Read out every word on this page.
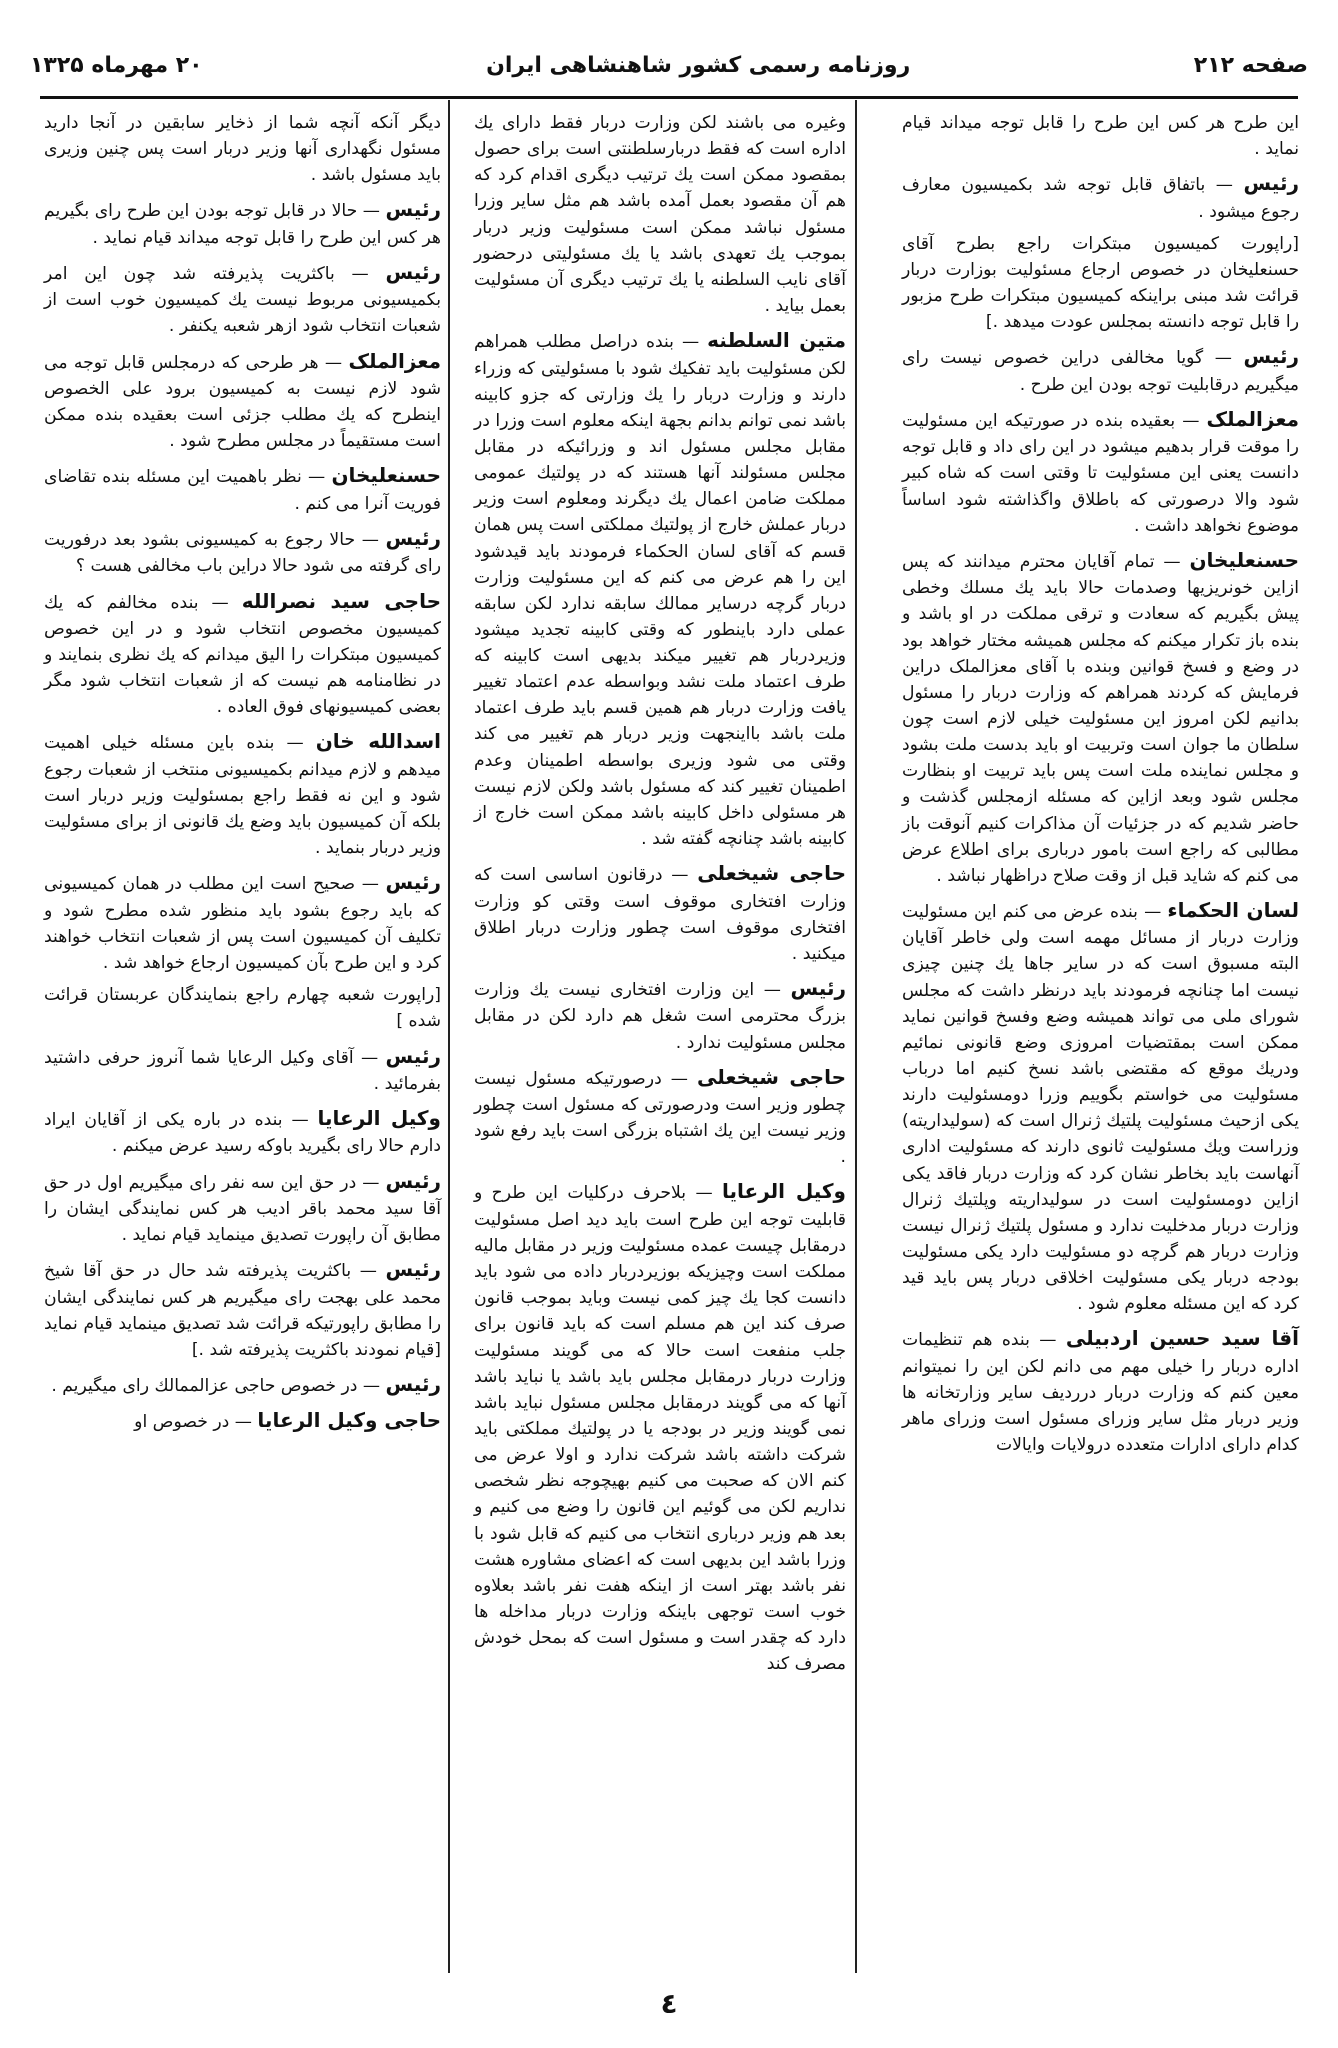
صفحه ۲۱۲
روزنامه رسمی کشور شاهنشاهی ایران
۲۰ مهرماه ۱۳۲۵

این طرح هر کس این طرح را قابل توجه میداند قیام نماید .

رئیس — باتفاق قابل توجه شد بکمیسیون معارف رجوع میشود .

[راپورت کمیسیون مبتکرات راجع بطرح آقای حسنعلیخان در خصوص ارجاع مسئولیت بوزارت دربار قرائت شد مبنی براینکه کمیسیون مبتکرات طرح مزبور را قابل توجه دانسته بمجلس عودت میدهد .]

رئیس — گویا مخالفی دراین خصوص نیست رای میگیریم درقابلیت توجه بودن این طرح .

معزالملک — بعقیده بنده در صورتیکه این مسئولیت را موقت قرار بدهیم میشود در این رای داد و قابل توجه دانست یعنی این مسئولیت تا وقتی است که شاه کبیر شود والا درصورتی که باطلاق واگذاشته شود اساساً موضوع نخواهد داشت .

حسنعلیخان — تمام آقایان محترم میدانند که پس ازاین خونریزیها وصدمات حالا باید یك مسلك وخطی پیش بگیریم که سعادت و ترقی مملکت در او باشد و بنده باز تکرار میکنم که مجلس همیشه مختار خواهد بود در وضع و فسخ قوانین وبنده با آقای معزالملک دراین فرمایش که کردند همراهم که وزارت دربار را مسئول بدانیم لکن امروز این مسئولیت خیلی لازم است چون سلطان ما جوان است وتربیت او باید بدست ملت بشود و مجلس نماینده ملت است پس باید تربیت او بنظارت مجلس شود وبعد ازاین که مسئله ازمجلس گذشت و حاضر شدیم که در جزئیات آن مذاکرات کنیم آنوقت باز مطالبی که راجع است بامور درباری برای اطلاع عرض می کنم که شاید قبل از وقت صلاح دراظهار نباشد .

لسان الحکماء — بنده عرض می کنم این مسئولیت وزارت دربار از مسائل مهمه است ولی خاطر آقایان البته مسبوق است که در سایر جاها یك چنین چیزی نیست اما چنانچه فرمودند باید درنظر داشت که مجلس شورای ملی می تواند همیشه وضع وفسخ قوانین نماید ممکن است بمقتضیات امروزی وضع قانونی نمائیم ودریك موقع که مقتضی باشد نسخ کنیم اما درباب مسئولیت می خواستم بگوییم وزرا دومسئولیت دارند یکی ازحیث مسئولیت پلتیك ژنرال است که (سولیداریته) وزراست ویك مسئولیت ثانوی دارند که مسئولیت اداری آنهاست باید بخاطر نشان کرد که وزارت دربار فاقد یکی ازاین دومسئولیت است در سولیداریته وپلتیك ژنرال وزارت دربار مدخلیت ندارد و مسئول پلتیك ژنرال نیست وزارت دربار هم گرچه دو مسئولیت دارد یکی مسئولیت بودجه دربار یکی مسئولیت اخلاقی دربار پس باید قید کرد که این مسئله معلوم شود .

آقا سید حسین اردبیلی — بنده هم تنظیمات اداره دربار را خیلی مهم می دانم لکن این را نمیتوانم معین کنم که وزارت دربار درردیف سایر وزارتخانه ها وزیر دربار مثل سایر وزرای مسئول است وزرای ماهر کدام دارای ادارات متعدده درولایات وایالات

وغیره می باشند لکن وزارت دربار فقط دارای یك اداره است که فقط دربارسلطنتی است برای حصول بمقصود ممکن است یك ترتیب دیگری اقدام کرد که هم آن مقصود بعمل آمده باشد هم مثل سایر وزرا مسئول نباشد ممکن است مسئولیت وزیر دربار بموجب یك تعهدی باشد یا یك مسئولیتی درحضور آقای نایب السلطنه یا یك ترتیب دیگری آن مسئولیت بعمل بیاید .

متین السلطنه — بنده دراصل مطلب همراهم لکن مسئولیت باید تفکیك شود با مسئولیتی که وزراء دارند و وزارت دربار را یك وزارتی که جزو کابینه باشد نمی توانم بدانم بجهة اینکه معلوم است وزرا در مقابل مجلس مسئول اند و وزرائیکه در مقابل مجلس مسئولند آنها هستند که در پولتیك عمومی مملکت ضامن اعمال یك دیگرند ومعلوم است وزیر دربار عملش خارج از پولتیك مملکتی است پس همان قسم که آقای لسان الحکماء فرمودند باید قیدشود این را هم عرض می کنم که این مسئولیت وزارت دربار گرچه درسایر ممالك سابقه ندارد لکن سابقه عملی دارد باینطور که وقتی کابینه تجدید میشود وزیردربار هم تغییر میکند بدیهی است کابینه که طرف اعتماد ملت نشد وبواسطه عدم اعتماد تغییر یافت وزارت دربار هم همین قسم باید طرف اعتماد ملت باشد بااینجهت وزیر دربار هم تغییر می کند وقتی می شود وزیری بواسطه اطمینان وعدم اطمینان تغییر کند که مسئول باشد ولکن لازم نیست هر مسئولی داخل کابینه باشد ممکن است خارج از کابینه باشد چنانچه گفته شد .

حاجی شیخعلی — درقانون اساسی است که وزارت افتخاری موقوف است وقتی کو وزارت افتخاری موقوف است چطور وزارت دربار اطلاق میکنید .

رئیس — این وزارت افتخاری نیست یك وزارت بزرگ محترمی است شغل هم دارد لکن در مقابل مجلس مسئولیت ندارد .

حاجی شیخعلی — درصورتیکه مسئول نیست چطور وزیر است ودرصورتی که مسئول است چطور وزیر نیست این یك اشتباه بزرگی است باید رفع شود .

وکیل الرعایا — بلاحرف درکلیات این طرح و قابلیت توجه این طرح است باید دید اصل مسئولیت درمقابل چیست عمده مسئولیت وزیر در مقابل مالیه مملکت است وچیزیکه بوزیردربار داده می شود باید دانست کجا یك چیز کمی نیست وباید بموجب قانون صرف کند این هم مسلم است که باید قانون برای جلب منفعت است حالا که می گویند مسئولیت وزارت دربار درمقابل مجلس باید باشد یا نباید باشد آنها که می گویند درمقابل مجلس مسئول نباید باشد نمی گویند وزیر در بودجه یا در پولتیك مملکتی باید شرکت داشته باشد شرکت ندارد و اولا عرض می کنم الان که صحبت می کنیم بهیچوجه نظر شخصی نداریم لکن می گوئیم این قانون را وضع می کنیم و بعد هم وزیر درباری انتخاب می کنیم که قابل شود با وزرا باشد این بدیهی است که اعضای مشاوره هشت نفر باشد بهتر است از اینکه هفت نفر باشد بعلاوه خوب است توجهی باینکه وزارت دربار مداخله ها دارد که چقدر است و مسئول است که بمحل خودش مصرف کند

دیگر آنکه آنچه شما از ذخایر سابقین در آنجا دارید مسئول نگهداری آنها وزیر دربار است پس چنین وزیری باید مسئول باشد .

رئیس — حالا در قابل توجه بودن این طرح رای بگیریم هر کس این طرح را قابل توجه میداند قیام نماید .

رئیس — باکثریت پذیرفته شد چون این امر بکمیسیونی مربوط نیست یك کمیسیون خوب است از شعبات انتخاب شود ازهر شعبه یکنفر .

معزالملک — هر طرحی که درمجلس قابل توجه می شود لازم نیست به کمیسیون برود علی الخصوص اینطرح که یك مطلب جزئی است بعقیده بنده ممکن است مستقیماً در مجلس مطرح شود .

حسنعلیخان — نظر باهمیت این مسئله بنده تقاضای فوریت آنرا می کنم .

رئیس — حالا رجوع به کمیسیونی بشود بعد درفوریت رای گرفته می شود حالا دراین باب مخالفی هست ؟

حاجی سید نصرالله — بنده مخالفم که یك کمیسیون مخصوص انتخاب شود و در این خصوص کمیسیون مبتکرات را الیق میدانم که یك نظری بنمایند و در نظامنامه هم نیست که از شعبات انتخاب شود مگر بعضی کمیسیونهای فوق العاده .

اسدالله خان — بنده باین مسئله خیلی اهمیت میدهم و لازم میدانم بکمیسیونی منتخب از شعبات رجوع شود و این نه فقط راجع بمسئولیت وزیر دربار است بلکه آن کمیسیون باید وضع یك قانونی از برای مسئولیت وزیر دربار بنماید .

رئیس — صحیح است این مطلب در همان کمیسیونی که باید رجوع بشود باید منظور شده مطرح شود و تکلیف آن کمیسیون است پس از شعبات انتخاب خواهند کرد و این طرح بآن کمیسیون ارجاع خواهد شد .

[راپورت شعبه چهارم راجع بنمایندگان عربستان قرائت شده ]

رئیس — آقای وکیل الرعایا شما آنروز حرفی داشتید بفرمائید .

وکیل الرعایا — بنده در باره یکی از آقایان ایراد دارم حالا رای بگیرید باوکه رسید عرض میکنم .

رئیس — در حق این سه نفر رای میگیریم اول در حق آقا سید محمد باقر ادیب هر کس نمایندگی ایشان را مطابق آن راپورت تصدیق مینماید قیام نماید .

رئیس — باکثریت پذیرفته شد حال در حق آقا شیخ محمد علی بهجت رای میگیریم هر کس نمایندگی ایشان را مطابق راپورتیکه قرائت شد تصدیق مینماید قیام نماید [قیام نمودند باکثریت پذیرفته شد .]

رئیس — در خصوص حاجی عزالممالك رای میگیریم .

حاجی وکیل الرعایا — در خصوص او

٤
